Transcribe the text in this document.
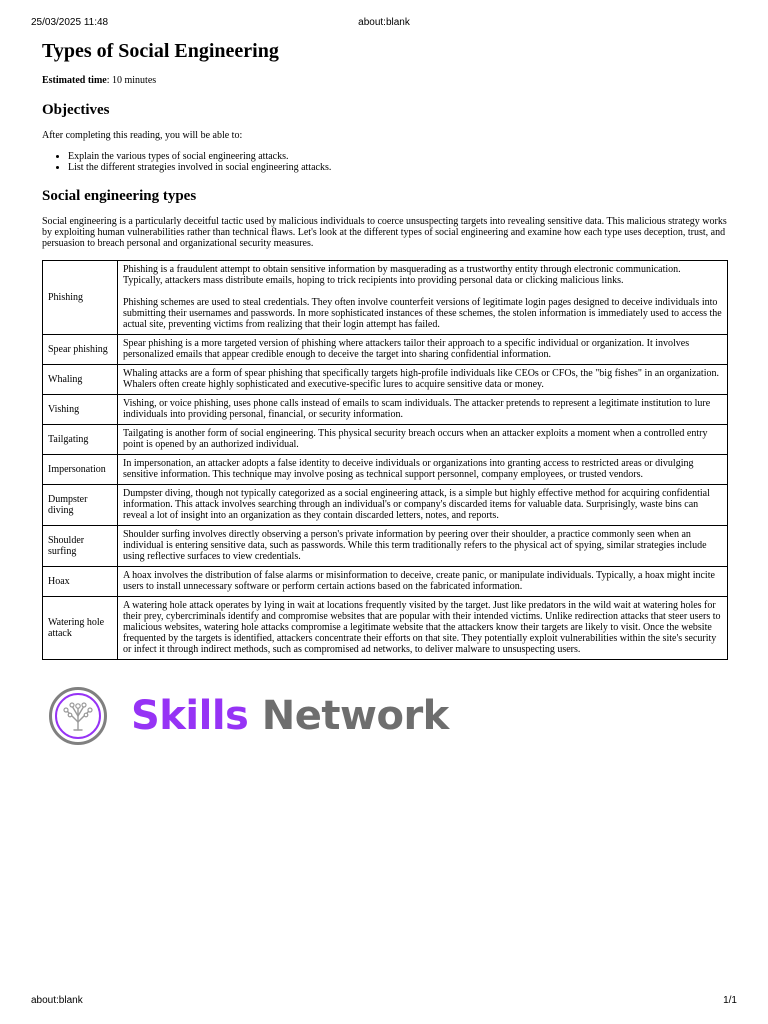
25/03/2025 11:48	about:blank
Types of Social Engineering
Estimated time: 10 minutes
Objectives

After completing this reading, you will be able to:

• Explain the various types of social engineering attacks.
• List the different strategies involved in social engineering attacks.
Social engineering types

Social engineering is a particularly deceitful tactic used by malicious individuals to coerce unsuspecting targets into revealing sensitive data. This malicious strategy works by exploiting human vulnerabilities rather than technical flaws. Let's look at the different types of social engineering and examine how each type uses deception, trust, and persuasion to breach personal and organizational security measures.

Phishing	Phishing is a fraudulent attempt to obtain sensitive information by masquerading as a trustworthy entity through electronic communication. Typically, attackers mass distribute emails, hoping to trick recipients into providing personal data or clicking malicious links.

Phishing schemes are used to steal credentials. They often involve counterfeit versions of legitimate login pages designed to deceive individuals into submitting their usernames and passwords. In more sophisticated instances of these schemes, the stolen information is immediately used to access the actual site, preventing victims from realizing that their login attempt has failed.

Spear phishing	Spear phishing is a more targeted version of phishing where attackers tailor their approach to a specific individual or organization. It involves personalized emails that appear credible enough to deceive the target into sharing confidential information.

Whaling	Whaling attacks are a form of spear phishing that specifically targets high-profile individuals like CEOs or CFOs, the "big fishes" in an organization. Whalers often create highly sophisticated and executive-specific lures to acquire sensitive data or money.

Vishing	Vishing, or voice phishing, uses phone calls instead of emails to scam individuals. The attacker pretends to represent a legitimate institution to lure individuals into providing personal, financial, or security information.

Tailgating	Tailgating is another form of social engineering. This physical security breach occurs when an attacker exploits a moment when a controlled entry point is opened by an authorized individual.

Impersonation	In impersonation, an attacker adopts a false identity to deceive individuals or organizations into granting access to restricted areas or divulging sensitive information. This technique may involve posing as technical support personnel, company employees, or trusted vendors.

Dumpster diving	Dumpster diving, though not typically categorized as a social engineering attack, is a simple but highly effective method for acquiring confidential information. This attack involves searching through an individual's or company's discarded items for valuable data. Surprisingly, waste bins can reveal a lot of insight into an organization as they contain discarded letters, notes, and reports.

Shoulder surfing	Shoulder surfing involves directly observing a person's private information by peering over their shoulder, a practice commonly seen when an individual is entering sensitive data, such as passwords. While this term traditionally refers to the physical act of spying, similar strategies include using reflective surfaces to view credentials.

Hoax	A hoax involves the distribution of false alarms or misinformation to deceive, create panic, or manipulate individuals. Typically, a hoax might incite users to install unnecessary software or perform certain actions based on the fabricated information.

Watering hole attack	A watering hole attack operates by lying in wait at locations frequently visited by the target. Just like predators in the wild wait at watering holes for their prey, cybercriminals identify and compromise websites that are popular with their intended victims. Unlike redirection attacks that steer users to malicious websites, watering hole attacks compromise a legitimate website that the attackers know their targets are likely to visit. Once the website frequented by the targets is identified, attackers concentrate their efforts on that site. They potentially exploit vulnerabilities within the site's security or infect it through indirect methods, such as compromised ad networks, to deliver malware to unsuspecting users.

Skills Network
about:blank	1/1
